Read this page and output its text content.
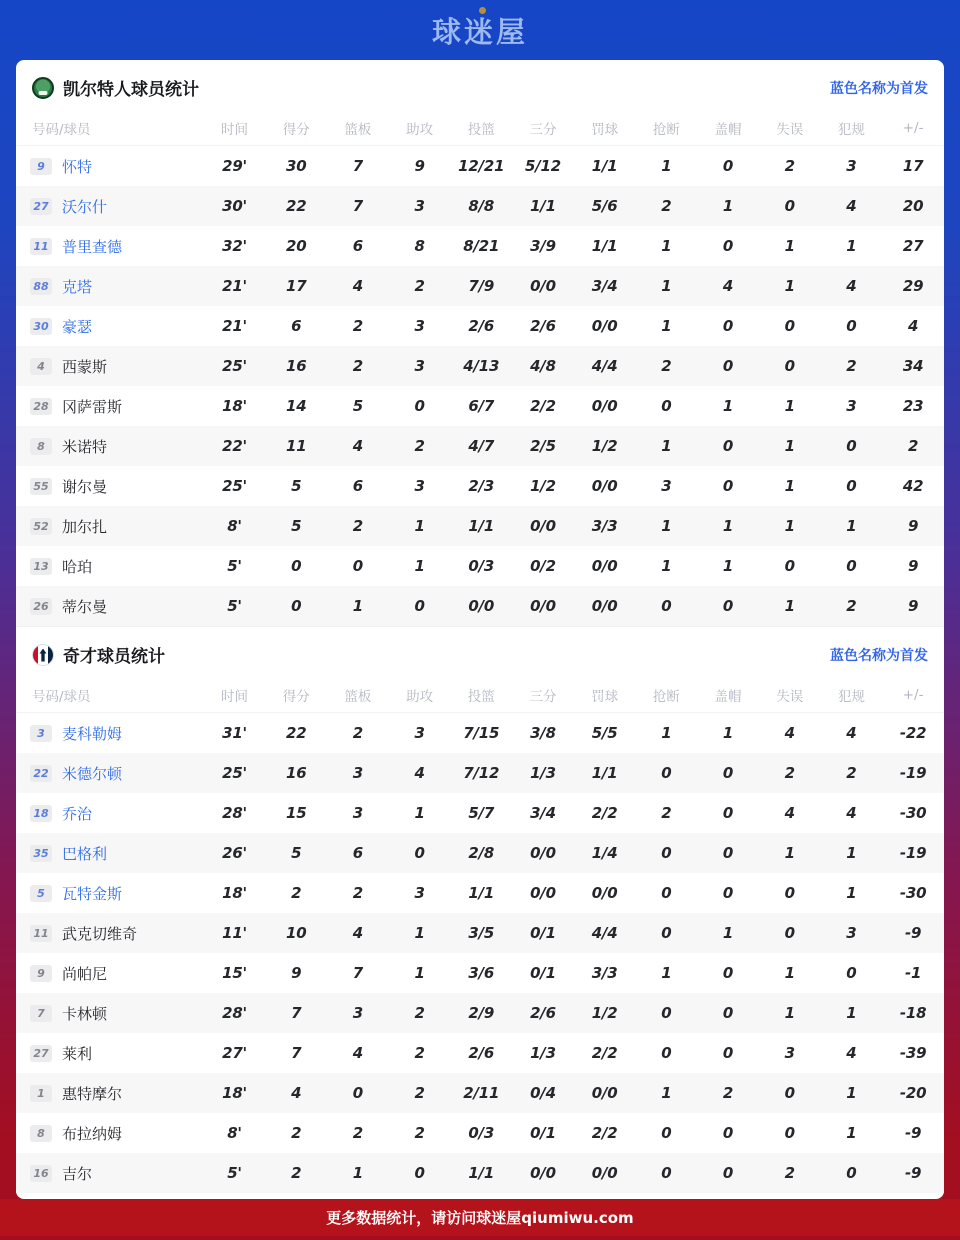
球迷屋
凯尔特人球员统计	蓝色名称为首发
号码/球员	时间	得分	篮板	助攻	投篮	三分	罚球	抢断	盖帽	失误	犯规	+/-
9 怀特	29'	30	7	9	12/21	5/12	1/1	1	0	2	3	17
27 沃尔什	30'	22	7	3	8/8	1/1	5/6	2	1	0	4	20
11 普里查德	32'	20	6	8	8/21	3/9	1/1	1	0	1	1	27
88 克塔	21'	17	4	2	7/9	0/0	3/4	1	4	1	4	29
30 豪瑟	21'	6	2	3	2/6	2/6	0/0	1	0	0	0	4
4 西蒙斯	25'	16	2	3	4/13	4/8	4/4	2	0	0	2	34
28 冈萨雷斯	18'	14	5	0	6/7	2/2	0/0	0	1	1	3	23
8 米诺特	22'	11	4	2	4/7	2/5	1/2	1	0	1	0	2
55 谢尔曼	25'	5	6	3	2/3	1/2	0/0	3	0	1	0	42
52 加尔扎	8'	5	2	1	1/1	0/0	3/3	1	1	1	1	9
13 哈珀	5'	0	0	1	0/3	0/2	0/0	1	1	0	0	9
26 蒂尔曼	5'	0	1	0	0/0	0/0	0/0	0	0	1	2	9
奇才球员统计	蓝色名称为首发
号码/球员	时间	得分	篮板	助攻	投篮	三分	罚球	抢断	盖帽	失误	犯规	+/-
3 麦科勒姆	31'	22	2	3	7/15	3/8	5/5	1	1	4	4	-22
22 米德尔顿	25'	16	3	4	7/12	1/3	1/1	0	0	2	2	-19
18 乔治	28'	15	3	1	5/7	3/4	2/2	2	0	4	4	-30
35 巴格利	26'	5	6	0	2/8	0/0	1/4	0	0	1	1	-19
5 瓦特金斯	18'	2	2	3	1/1	0/0	0/0	0	0	0	1	-30
11 武克切维奇	11'	10	4	1	3/5	0/1	4/4	0	1	0	3	-9
9 尚帕尼	15'	9	7	1	3/6	0/1	3/3	1	0	1	0	-1
7 卡林顿	28'	7	3	2	2/9	2/6	1/2	0	0	1	1	-18
27 莱利	27'	7	4	2	2/6	1/3	2/2	0	0	3	4	-39
1 惠特摩尔	18'	4	0	2	2/11	0/4	0/0	1	2	0	1	-20
8 布拉纳姆	8'	2	2	2	0/3	0/1	2/2	0	0	0	1	-9
16 吉尔	5'	2	1	0	1/1	0/0	0/0	0	0	2	0	-9
更多数据统计，请访问球迷屋qiumiwu.com
